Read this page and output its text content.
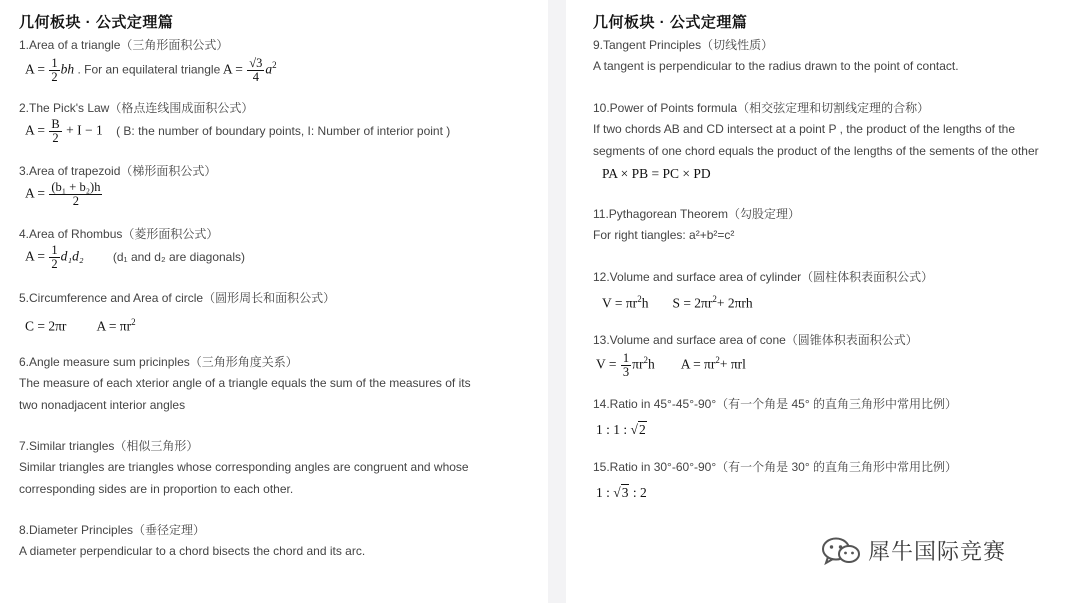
几何板块 · 公式定理篇
1.Area of a triangle（三角形面积公式）
$A = \frac{1}{2}$ bh . For an equilateral triangle $A = \frac{√3}{4} a^2$
2.The Pick's Law（格点连线围成面积公式）
$A = \frac{B}{2} + I - 1$ ( B: the number of boundary points, I: Number of interior point )
3.Area of trapezoid（梯形面积公式）
$A = \frac{\text{(b₁ + b₂)h}}{2}$
4.Area of Rhombus（菱形面积公式）
$A = \frac{1}{2} d_1d_2$ (d₁ and d₂ are diagonals)
5.Circumference and Area of circle（圆形周长和面积公式）
C = 2πr $A = \pi r^2$
6.Angle measure sum pricinples（三角形角度关系）
The measure of each xterior angle of a triangle equals the sum of the measures of its
two nonadjacent interior angles
7.Similar triangles（相似三角形）
Similar triangles are triangles whose corresponding angles are congruent and whose
corresponding sides are in proportion to each other.
8.Diameter Principles（垂径定理）
A diameter perpendicular to a chord bisects the chord and its arc.
几何板块 · 公式定理篇
9.Tangent Principles（切线性质）
A tangent is perpendicular to the radius drawn to the point of contact.
10.Power of Points formula（相交弦定理和切割线定理的合称）
If two chords AB and CD intersect at a point P , the product of the lengths of the
segments of one chord equals the product of the lengths of the sements of the other
PA × PB = PC × PD
11.Pythagorean Theorem（勾股定理）
For right tiangles: a²+b²=c²
12.Volume and surface area of cylinder（圆柱体积表面积公式）
$V = \pi r^2h$ $S = 2\pi r^2+ 2\pi rh$
13.Volume and surface area of cone（圆锥体积表面积公式）
$V = \frac{1}{3} \pi r^2h$ $A = \pi r^2+ \pi rl$
14.Ratio in 45°-45°-90°（有一个角是 45° 的直角三角形中常用比例）
1 : 1 : √2
15.Ratio in 30°-60°-90°（有一个角是 30° 的直角三角形中常用比例）
1 : √3 : 2
犀牛国际竞赛
